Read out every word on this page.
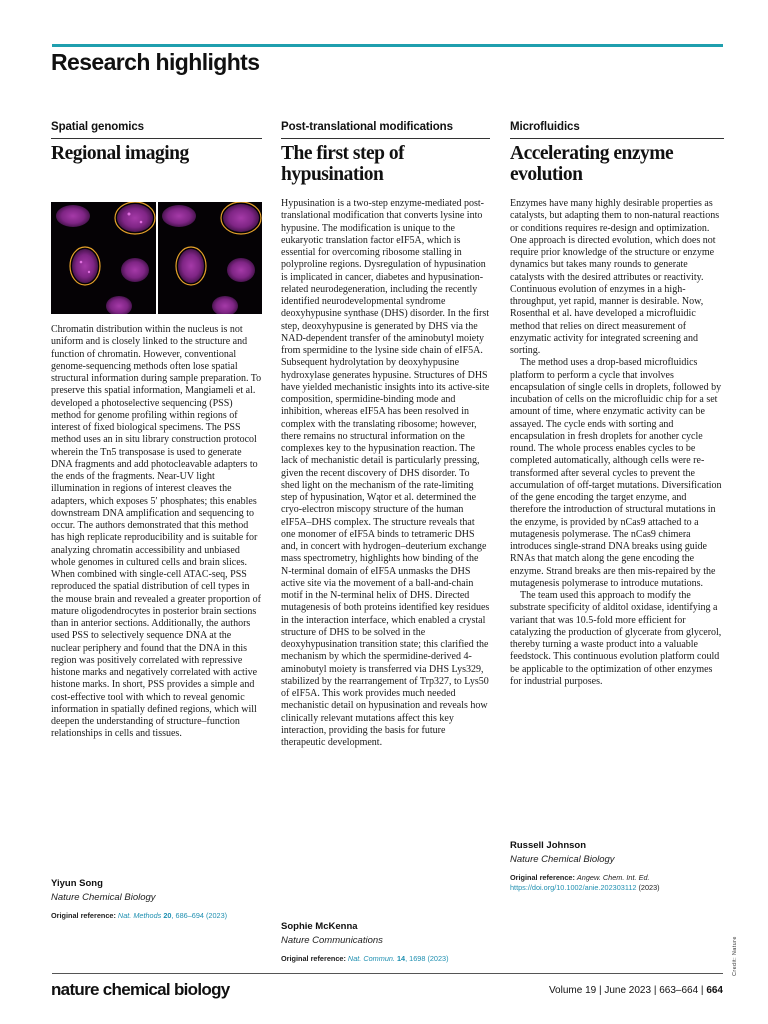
Research highlights
Spatial genomics
Regional imaging

Chromatin distribution within the nucleus is not uniform and is closely linked to the structure and function of chromatin. However, conventional genome-sequencing methods often lose spatial structural information during sample preparation. To preserve this spatial information, Mangiameli et al. developed a photoselective sequencing (PSS) method for genome profiling within regions of interest of fixed biological specimens. The PSS method uses an in situ library construction protocol wherein the Tn5 transposase is used to generate DNA fragments and add photocleavable adapters to the ends of the fragments. Near-UV light illumination in regions of interest cleaves the adapters, which exposes 5′ phosphates; this enables downstream DNA amplification and sequencing to occur. The authors demonstrated that this method has high replicate reproducibility and is suitable for analyzing chromatin accessibility and unbiased whole genomes in cultured cells and brain slices. When combined with single-cell ATAC-seq, PSS reproduced the spatial distribution of cell types in the mouse brain and revealed a greater proportion of mature oligodendrocytes in posterior brain sections than in anterior sections. Additionally, the authors used PSS to selectively sequence DNA at the nuclear periphery and found that the DNA in this region was positively correlated with repressive histone marks and negatively correlated with active histone marks. In short, PSS provides a simple and cost-effective tool with which to reveal genomic information in spatially defined regions, which will deepen the understanding of structure–function relationships in cells and tissues.

Yiyun Song
Nature Chemical Biology
Original reference: Nat. Methods 20, 686–694 (2023)
Post-translational modifications
The first step of
hypusination

Hypusination is a two-step enzyme-mediated post-translational modification that converts lysine into hypusine. The modification is unique to the eukaryotic translation factor eIF5A, which is essential for overcoming ribosome stalling in polyproline regions. Dysregulation of hypusination is implicated in cancer, diabetes and hypusination-related neurodegeneration, including the recently identified neurodevelopmental syndrome deoxyhypusine synthase (DHS) disorder. In the first step, deoxyhypusine is generated by DHS via the NAD-dependent transfer of the aminobutyl moiety from spermidine to the lysine side chain of eIF5A. Subsequent hydrolytation by deoxyhypusine hydroxylase generates hypusine. Structures of DHS have yielded mechanistic insights into its active-site composition, spermidine-binding mode and inhibition, whereas eIF5A has been resolved in complex with the translating ribosome; however, there remains no structural information on the complexes key to the hypusination reaction. The lack of mechanistic detail is particularly pressing, given the recent discovery of DHS disorder. To shed light on the mechanism of the rate-limiting step of hypusination, Wątor et al. determined the cryo-electron miscopy structure of the human eIF5A–DHS complex. The structure reveals that one monomer of eIF5A binds to tetrameric DHS and, in concert with hydrogen–deuterium exchange mass spectrometry, highlights how binding of the N-terminal domain of eIF5A unmasks the DHS active site via the movement of a ball-and-chain motif in the N-terminal helix of DHS. Directed mutagenesis of both proteins identified key residues in the interaction interface, which enabled a crystal structure of DHS to be solved in the deoxyhypusination transition state; this clarified the mechanism by which the spermidine-derived 4-aminobutyl moiety is transferred via DHS Lys329, stabilized by the rearrangement of Trp327, to Lys50 of eIF5A. This work provides much needed mechanistic detail on hypusination and reveals how clinically relevant mutations affect this key interaction, providing the basis for future therapeutic development.

Sophie McKenna
Nature Communications
Original reference: Nat. Commun. 14, 1698 (2023)
Microfluidics
Accelerating enzyme
evolution

Enzymes have many highly desirable properties as catalysts, but adapting them to non-natural reactions or conditions requires re-design and optimization. One approach is directed evolution, which does not require prior knowledge of the structure or enzyme dynamics but takes many rounds to generate catalysts with the desired attributes or reactivity. Continuous evolution of enzymes in a high-throughput, yet rapid, manner is desirable. Now, Rosenthal et al. have developed a microfluidic method that relies on direct measurement of enzymatic activity for integrated screening and sorting.

The method uses a drop-based microfluidics platform to perform a cycle that involves encapsulation of single cells in droplets, followed by incubation of cells on the microfluidic chip for a set amount of time, where enzymatic activity can be assayed. The cycle ends with sorting and encapsulation in fresh droplets for another cycle round. The whole process enables cycles to be completed automatically, although cells were re-transformed after several cycles to prevent the accumulation of off-target mutations. Diversification of the gene encoding the target enzyme, and therefore the introduction of structural mutations in the enzyme, is provided by nCas9 attached to a mutagenesis polymerase. The nCas9 chimera introduces single-strand DNA breaks using guide RNAs that match along the gene encoding the enzyme. Strand breaks are then mis-repaired by the mutagenesis polymerase to introduce mutations.

The team used this approach to modify the substrate specificity of alditol oxidase, identifying a variant that was 10.5-fold more efficient for catalyzing the production of glycerate from glycerol, thereby turning a waste product into a valuable feedstock. This continuous evolution platform could be applicable to the optimization of other enzymes for industrial purposes.

Russell Johnson
Nature Chemical Biology
Original reference: Angew. Chem. Int. Ed. https://doi.org/10.1002/anie.202303112 (2023)
Credit: Nature
nature chemical biology	Volume 19 | June 2023 | 663–664 | 664
